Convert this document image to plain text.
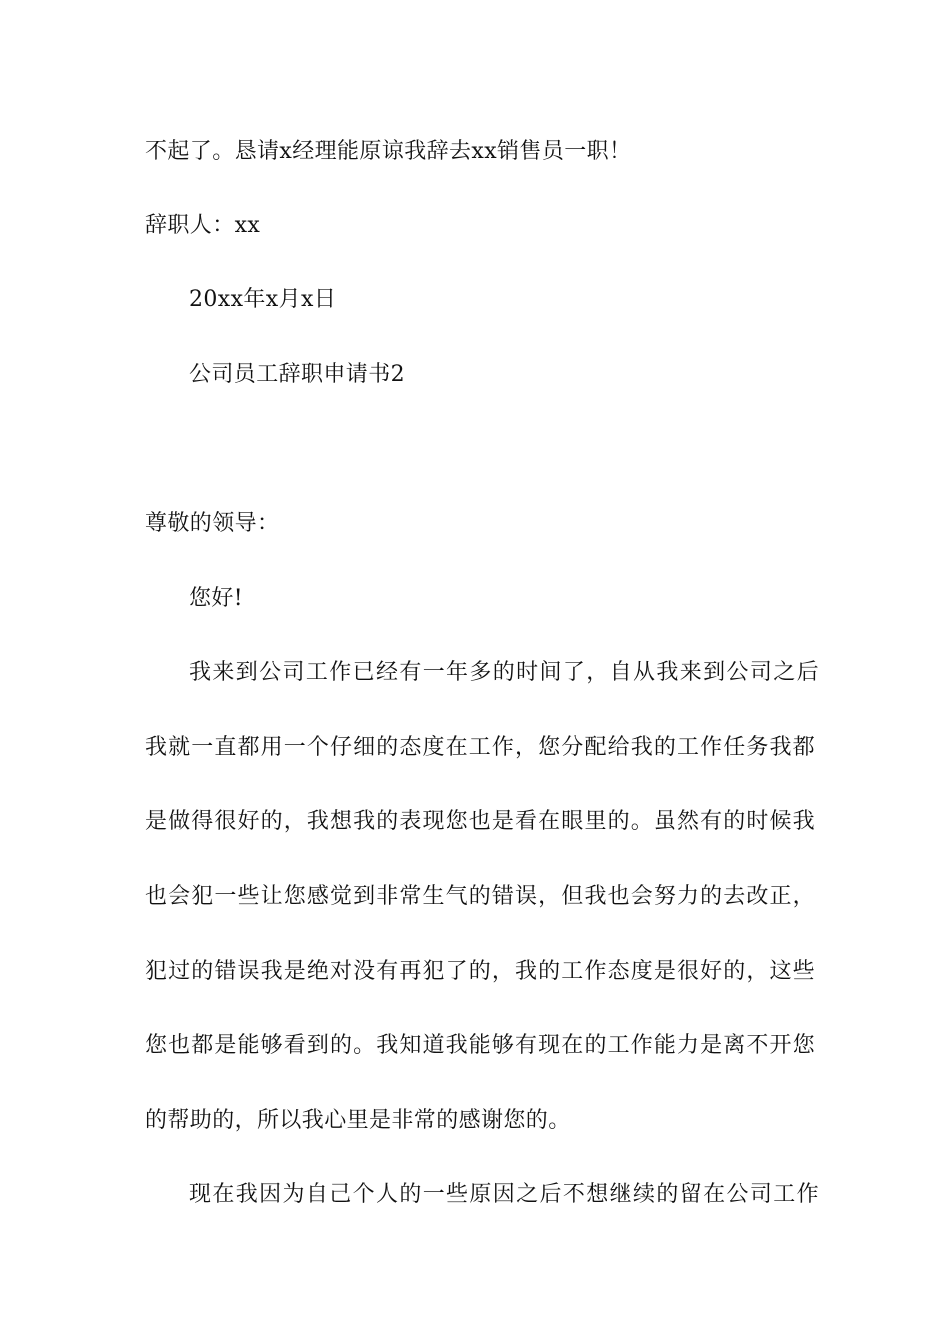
不起了。恳请x经理能原谅我辞去xx销售员一职！
辞职人：xx
20xx年x月x日
公司员工辞职申请书2
尊敬的领导：
您好!
我来到公司工作已经有一年多的时间了，自从我来到公司之后
我就一直都用一个仔细的态度在工作，您分配给我的工作任务我都
是做得很好的，我想我的表现您也是看在眼里的。虽然有的时候我
也会犯一些让您感觉到非常生气的错误，但我也会努力的去改正，
犯过的错误我是绝对没有再犯了的，我的工作态度是很好的，这些
您也都是能够看到的。我知道我能够有现在的工作能力是离不开您
的帮助的，所以我心里是非常的感谢您的。
现在我因为自己个人的一些原因之后不想继续的留在公司工作
